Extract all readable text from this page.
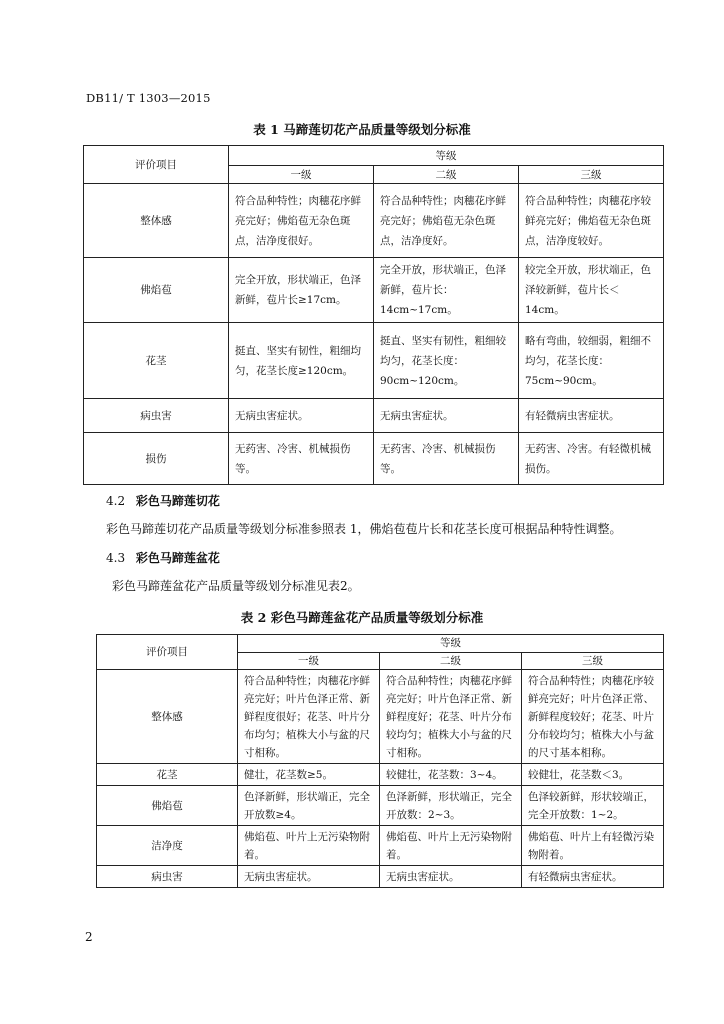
DB11/ T 1303—2015
表 1 马蹄莲切花产品质量等级划分标准
评价项目	等级		
	一级	二级	三级
整体感	符合品种特性；肉穗花序鲜亮完好；佛焰苞无杂色斑点，洁净度很好。	符合品种特性；肉穗花序鲜亮完好；佛焰苞无杂色斑点，洁净度好。	符合品种特性；肉穗花序较鲜亮完好；佛焰苞无杂色斑点，洁净度较好。
佛焰苞	完全开放，形状端正，色泽新鲜，苞片长≥17cm。	完全开放，形状端正，色泽新鲜，苞片长：14cm~17cm。	较完全开放，形状端正，色泽较新鲜，苞片长＜14cm。
花茎	挺直、坚实有韧性，粗细均匀，花茎长度≥120cm。	挺直、坚实有韧性，粗细较均匀，花茎长度：90cm~120cm。	略有弯曲，较细弱，粗细不均匀，花茎长度：75cm~90cm。
病虫害	无病虫害症状。	无病虫害症状。	有轻微病虫害症状。
损伤	无药害、冷害、机械损伤等。	无药害、冷害、机械损伤等。	无药害、冷害。有轻微机械损伤。
4.2 彩色马蹄莲切花
彩色马蹄莲切花产品质量等级划分标准参照表 1，佛焰苞苞片长和花茎长度可根据品种特性调整。
4.3 彩色马蹄莲盆花
彩色马蹄莲盆花产品质量等级划分标准见表2。
表 2 彩色马蹄莲盆花产品质量等级划分标准
评价项目	等级		
	一级	二级	三级
整体感	符合品种特性；肉穗花序鲜亮完好；叶片色泽正常、新鲜程度很好；花茎、叶片分布均匀；植株大小与盆的尺寸相称。	符合品种特性；肉穗花序鲜亮完好；叶片色泽正常、新鲜程度好；花茎、叶片分布较均匀；植株大小与盆的尺寸相称。	符合品种特性；肉穗花序较鲜亮完好；叶片色泽正常、新鲜程度较好；花茎、叶片分布较均匀；植株大小与盆的尺寸基本相称。
花茎	健壮，花茎数≥5。	较健壮，花茎数：3~4。	较健壮，花茎数＜3。
佛焰苞	色泽新鲜，形状端正，完全开放数≥4。	色泽新鲜，形状端正，完全开放数：2~3。	色泽较新鲜，形状较端正，完全开放数：1~2。
洁净度	佛焰苞、叶片上无污染物附着。	佛焰苞、叶片上无污染物附着。	佛焰苞、叶片上有轻微污染物附着。
病虫害	无病虫害症状。	无病虫害症状。	有轻微病虫害症状。
2
